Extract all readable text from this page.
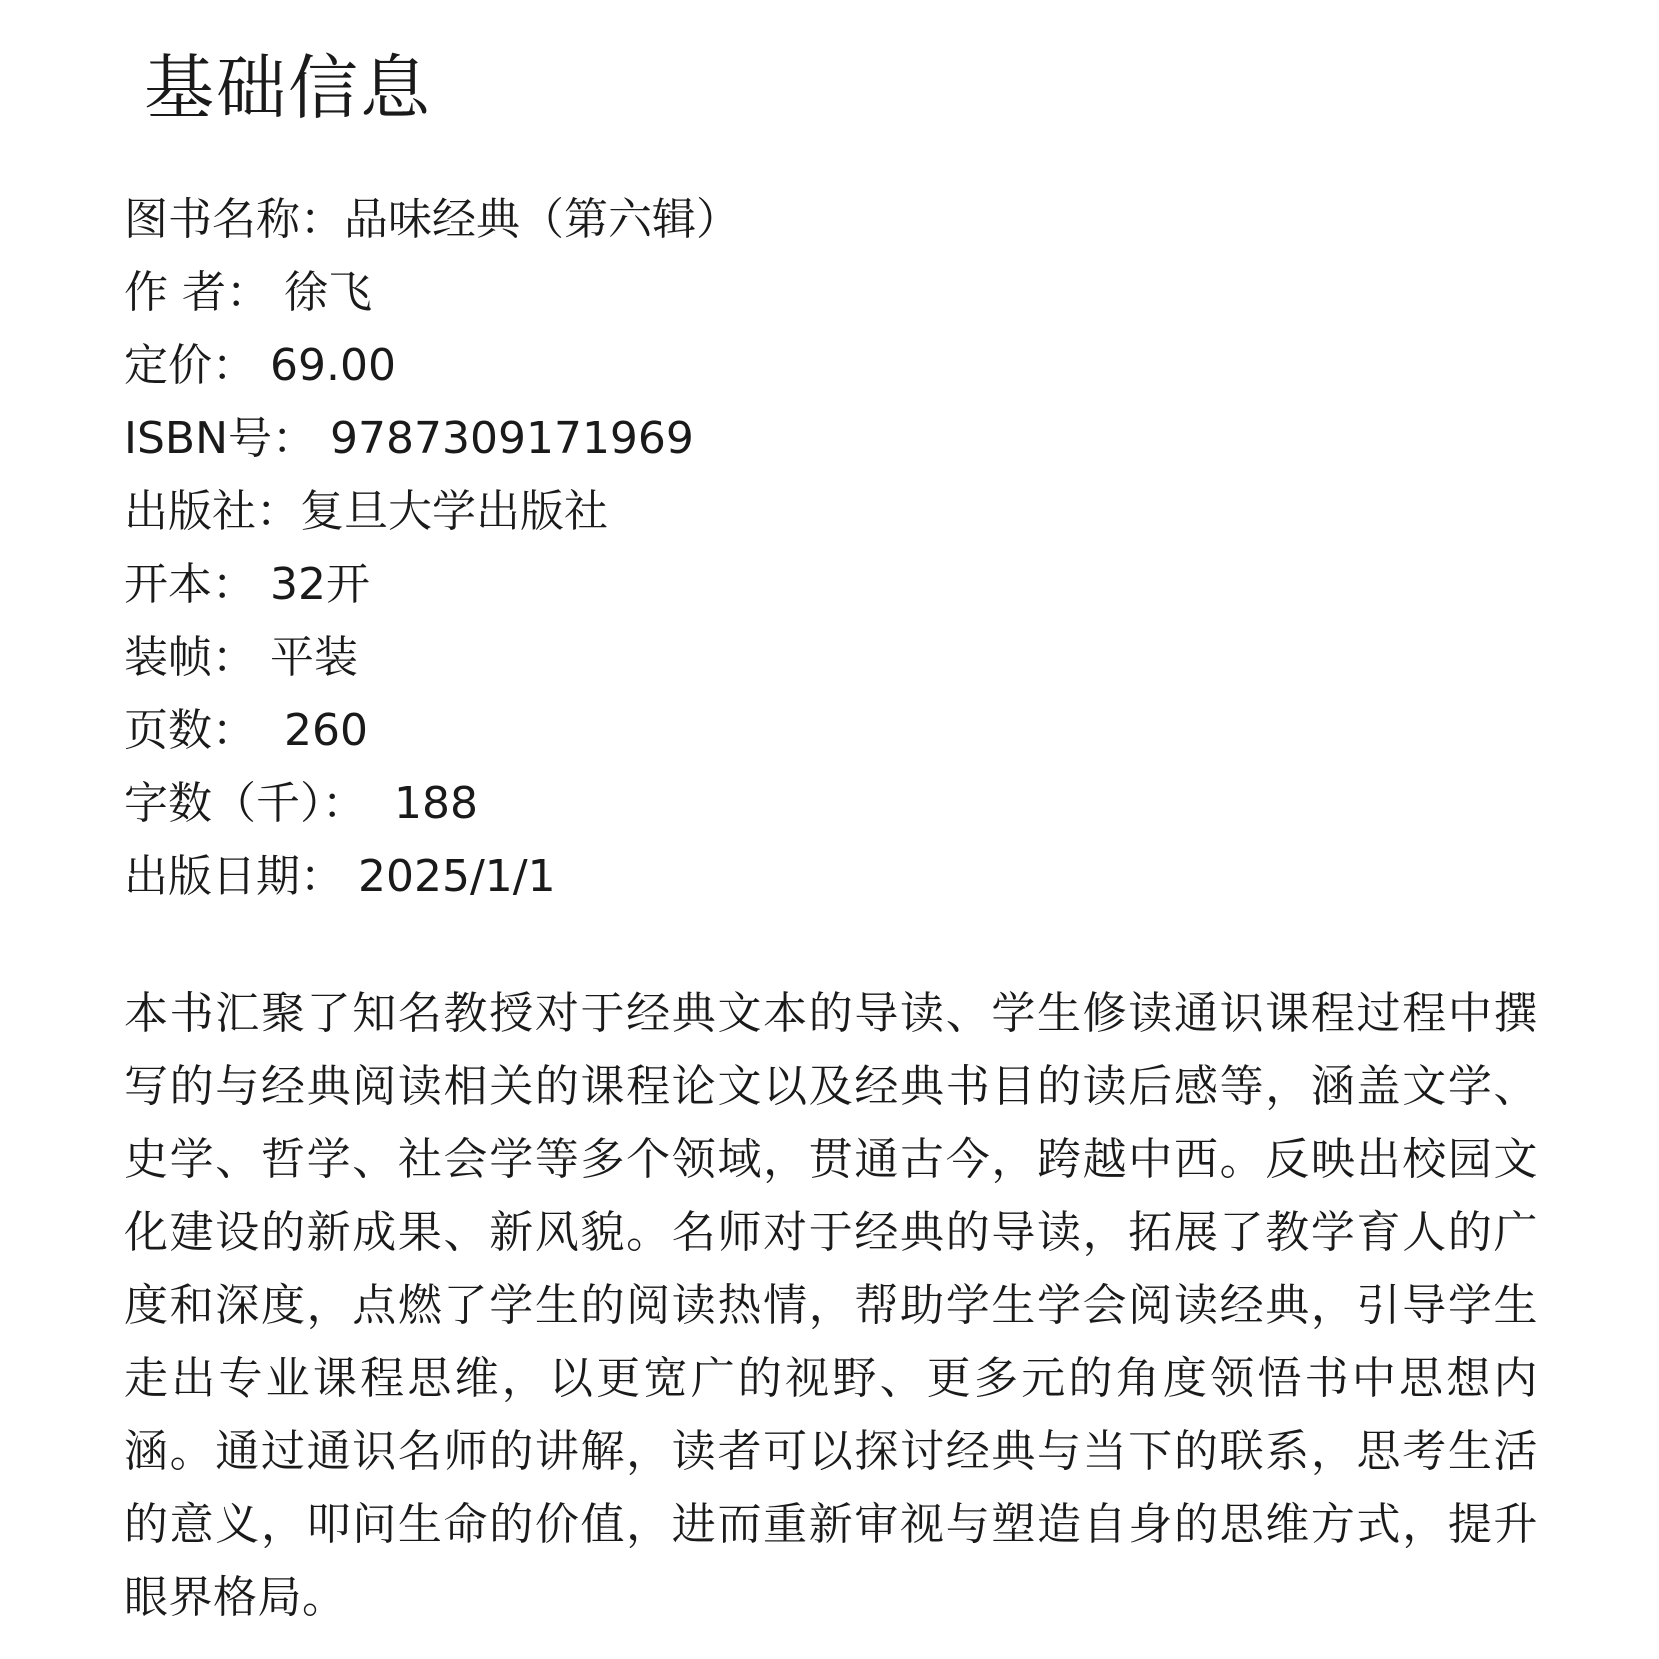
基础信息
图书名称：品味经典（第六辑）
作 者： 徐飞
定价： 69.00
ISBN号： 9787309171969
出版社：复旦大学出版社
开本： 32开
装帧： 平装
页数：  260
字数（千）：  188
出版日期： 2025/1/1

本书汇聚了知名教授对于经典文本的导读、学生修读通识课程过程中撰写的与经典阅读相关的课程论文以及经典书目的读后感等，涵盖文学、史学、哲学、社会学等多个领域，贯通古今，跨越中西。反映出校园文化建设的新成果、新风貌。名师对于经典的导读，拓展了教学育人的广度和深度，点燃了学生的阅读热情，帮助学生学会阅读经典，引导学生走出专业课程思维，以更宽广的视野、更多元的角度领悟书中思想内涵。通过通识名师的讲解，读者可以探讨经典与当下的联系，思考生活的意义，叩问生命的价值，进而重新审视与塑造自身的思维方式，提升眼界格局。
